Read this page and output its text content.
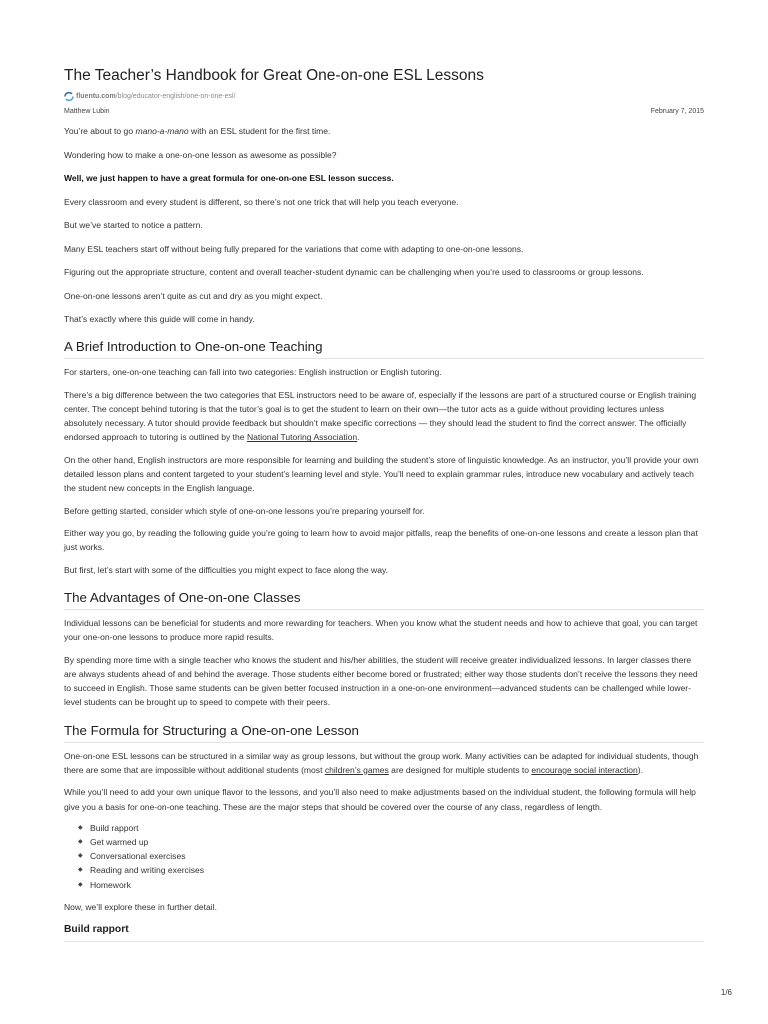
The Teacher’s Handbook for Great One-on-one ESL Lessons
fluentu.com /blog/educator-english/one-on-one-esl/
Matthew Lubin	February 7, 2015

You’re about to go mano-a-mano with an ESL student for the first time.

Wondering how to make a one-on-one lesson as awesome as possible?

Well, we just happen to have a great formula for one-on-one ESL lesson success.

Every classroom and every student is different, so there’s not one trick that will help you teach everyone.

But we’ve started to notice a pattern.

Many ESL teachers start off without being fully prepared for the variations that come with adapting to one-on-one lessons.

Figuring out the appropriate structure, content and overall teacher-student dynamic can be challenging when you’re used to classrooms or group lessons.

One-on-one lessons aren’t quite as cut and dry as you might expect.

That’s exactly where this guide will come in handy.

A Brief Introduction to One-on-one Teaching

For starters, one-on-one teaching can fall into two categories: English instruction or English tutoring.

There’s a big difference between the two categories that ESL instructors need to be aware of, especially if the lessons are part of a structured course or English training center. The concept behind tutoring is that the tutor’s goal is to get the student to learn on their own—the tutor acts as a guide without providing lectures unless absolutely necessary. A tutor should provide feedback but shouldn’t make specific corrections — they should lead the student to find the correct answer. The officially endorsed approach to tutoring is outlined by the National Tutoring Association.

On the other hand, English instructors are more responsible for learning and building the student’s store of linguistic knowledge. As an instructor, you’ll provide your own detailed lesson plans and content targeted to your student’s learning level and style. You’ll need to explain grammar rules, introduce new vocabulary and actively teach the student new concepts in the English language.

Before getting started, consider which style of one-on-one lessons you’re preparing yourself for.

Either way you go, by reading the following guide you’re going to learn how to avoid major pitfalls, reap the benefits of one-on-one lessons and create a lesson plan that just works.

But first, let’s start with some of the difficulties you might expect to face along the way.

The Advantages of One-on-one Classes

Individual lessons can be beneficial for students and more rewarding for teachers. When you know what the student needs and how to achieve that goal, you can target your one-on-one lessons to produce more rapid results.

By spending more time with a single teacher who knows the student and his/her abilities, the student will receive greater individualized lessons. In larger classes there are always students ahead of and behind the average. Those students either become bored or frustrated; either way those students don’t receive the lessons they need to succeed in English. Those same students can be given better focused instruction in a one-on-one environment—advanced students can be challenged while lower-level students can be brought up to speed to compete with their peers.

The Formula for Structuring a One-on-one Lesson

One-on-one ESL lessons can be structured in a similar way as group lessons, but without the group work. Many activities can be adapted for individual students, though there are some that are impossible without additional students (most children’s games are designed for multiple students to encourage social interaction).

While you’ll need to add your own unique flavor to the lessons, and you’ll also need to make adjustments based on the individual student, the following formula will help give you a basis for one-on-one teaching. These are the major steps that should be covered over the course of any class, regardless of length.

◆ Build rapport
◆ Get warmed up
◆ Conversational exercises
◆ Reading and writing exercises
◆ Homework

Now, we’ll explore these in further detail.

Build rapport
1/6
